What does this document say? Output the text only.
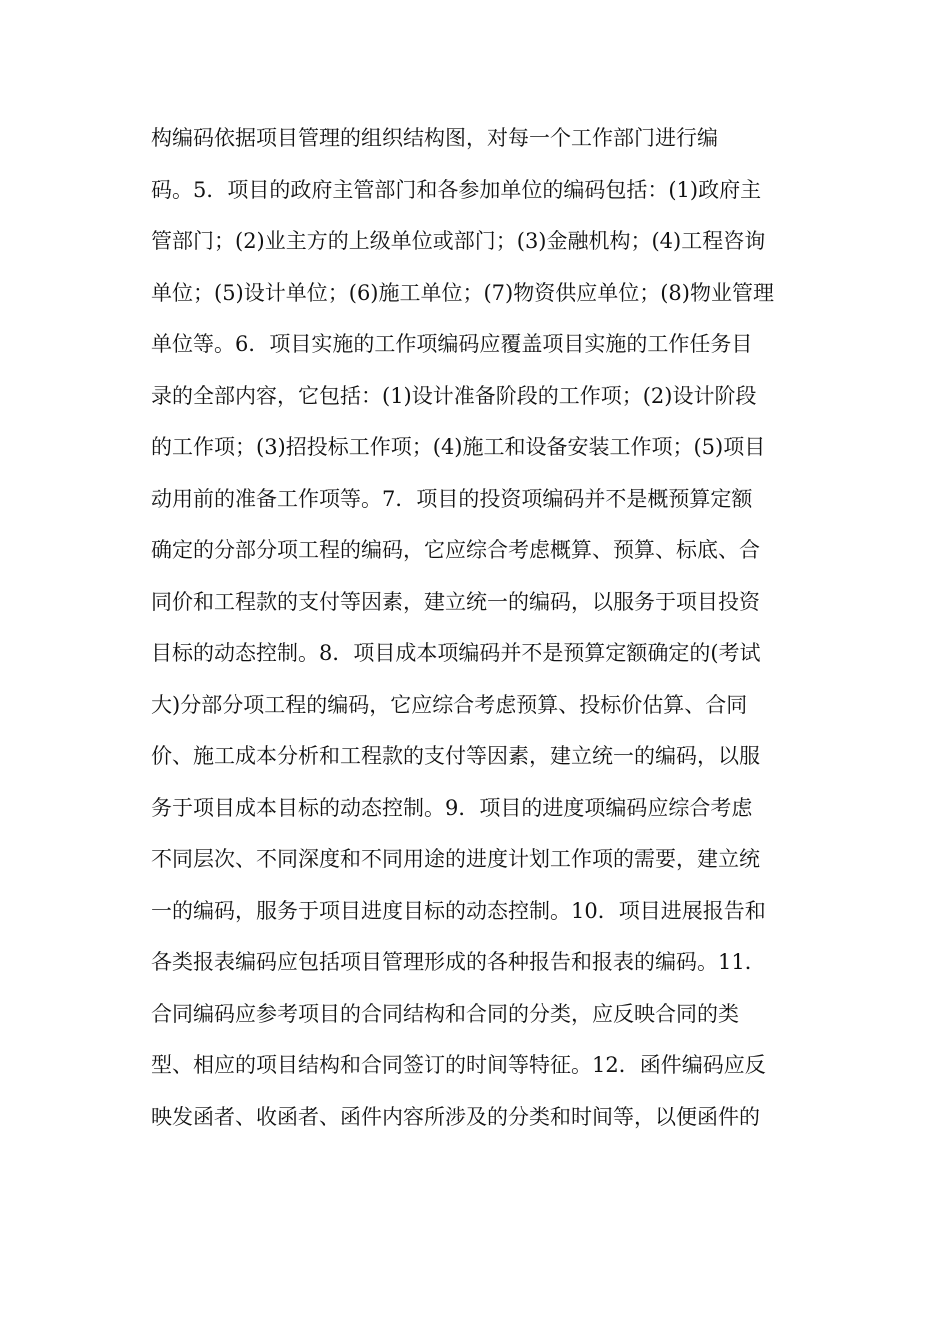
构编码依据项目管理的组织结构图，对每一个工作部门进行编
码。5．项目的政府主管部门和各参加单位的编码包括：(1)政府主
管部门；(2)业主方的上级单位或部门；(3)金融机构；(4)工程咨询
单位；(5)设计单位；(6)施工单位；(7)物资供应单位；(8)物业管理
单位等。6．项目实施的工作项编码应覆盖项目实施的工作任务目
录的全部内容，它包括：(1)设计准备阶段的工作项；(2)设计阶段
的工作项；(3)招投标工作项；(4)施工和设备安装工作项；(5)项目
动用前的准备工作项等。7．项目的投资项编码并不是概预算定额
确定的分部分项工程的编码，它应综合考虑概算、预算、标底、合
同价和工程款的支付等因素，建立统一的编码，以服务于项目投资
目标的动态控制。8．项目成本项编码并不是预算定额确定的(考试
大)分部分项工程的编码，它应综合考虑预算、投标价估算、合同
价、施工成本分析和工程款的支付等因素，建立统一的编码，以服
务于项目成本目标的动态控制。9．项目的进度项编码应综合考虑
不同层次、不同深度和不同用途的进度计划工作项的需要，建立统
一的编码，服务于项目进度目标的动态控制。10．项目进展报告和
各类报表编码应包括项目管理形成的各种报告和报表的编码。11．
合同编码应参考项目的合同结构和合同的分类，应反映合同的类
型、相应的项目结构和合同签订的时间等特征。12．函件编码应反
映发函者、收函者、函件内容所涉及的分类和时间等，以便函件的
